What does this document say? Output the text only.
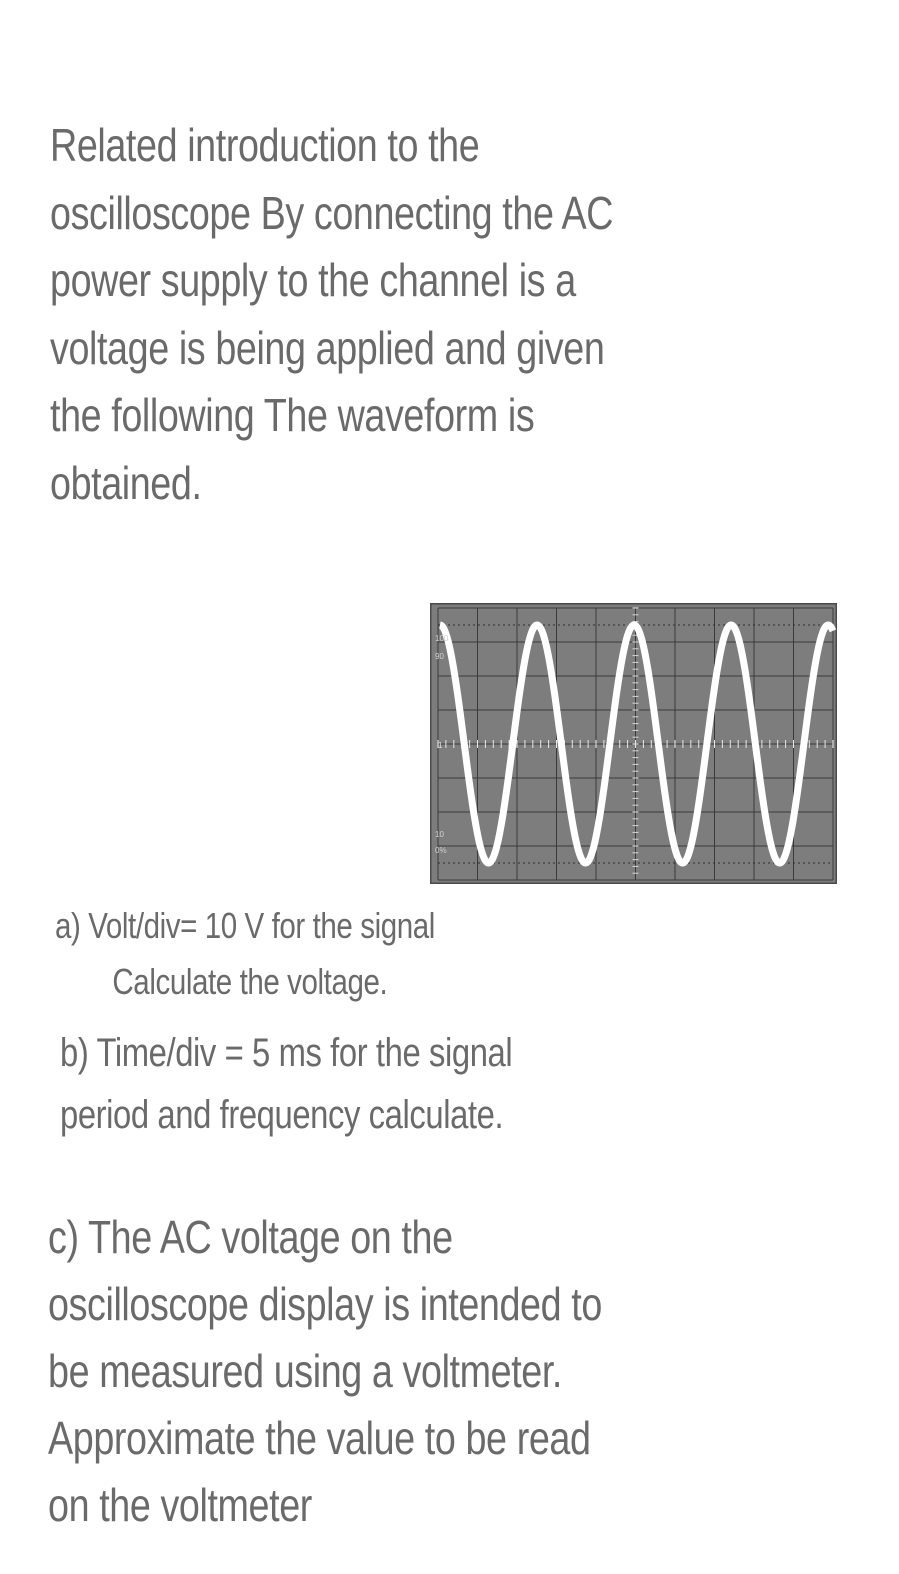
Related introduction to the
oscilloscope By connecting the AC
power supply to the channel is a
voltage is being applied and given
the following The waveform is
obtained.
100
90
1
10
0%
a) Volt/div= 10 V for the signal
Calculate the voltage.
b) Time/div = 5 ms for the signal
period and frequency calculate.
c) The AC voltage on the
oscilloscope display is intended to
be measured using a voltmeter.
Approximate the value to be read
on the voltmeter
